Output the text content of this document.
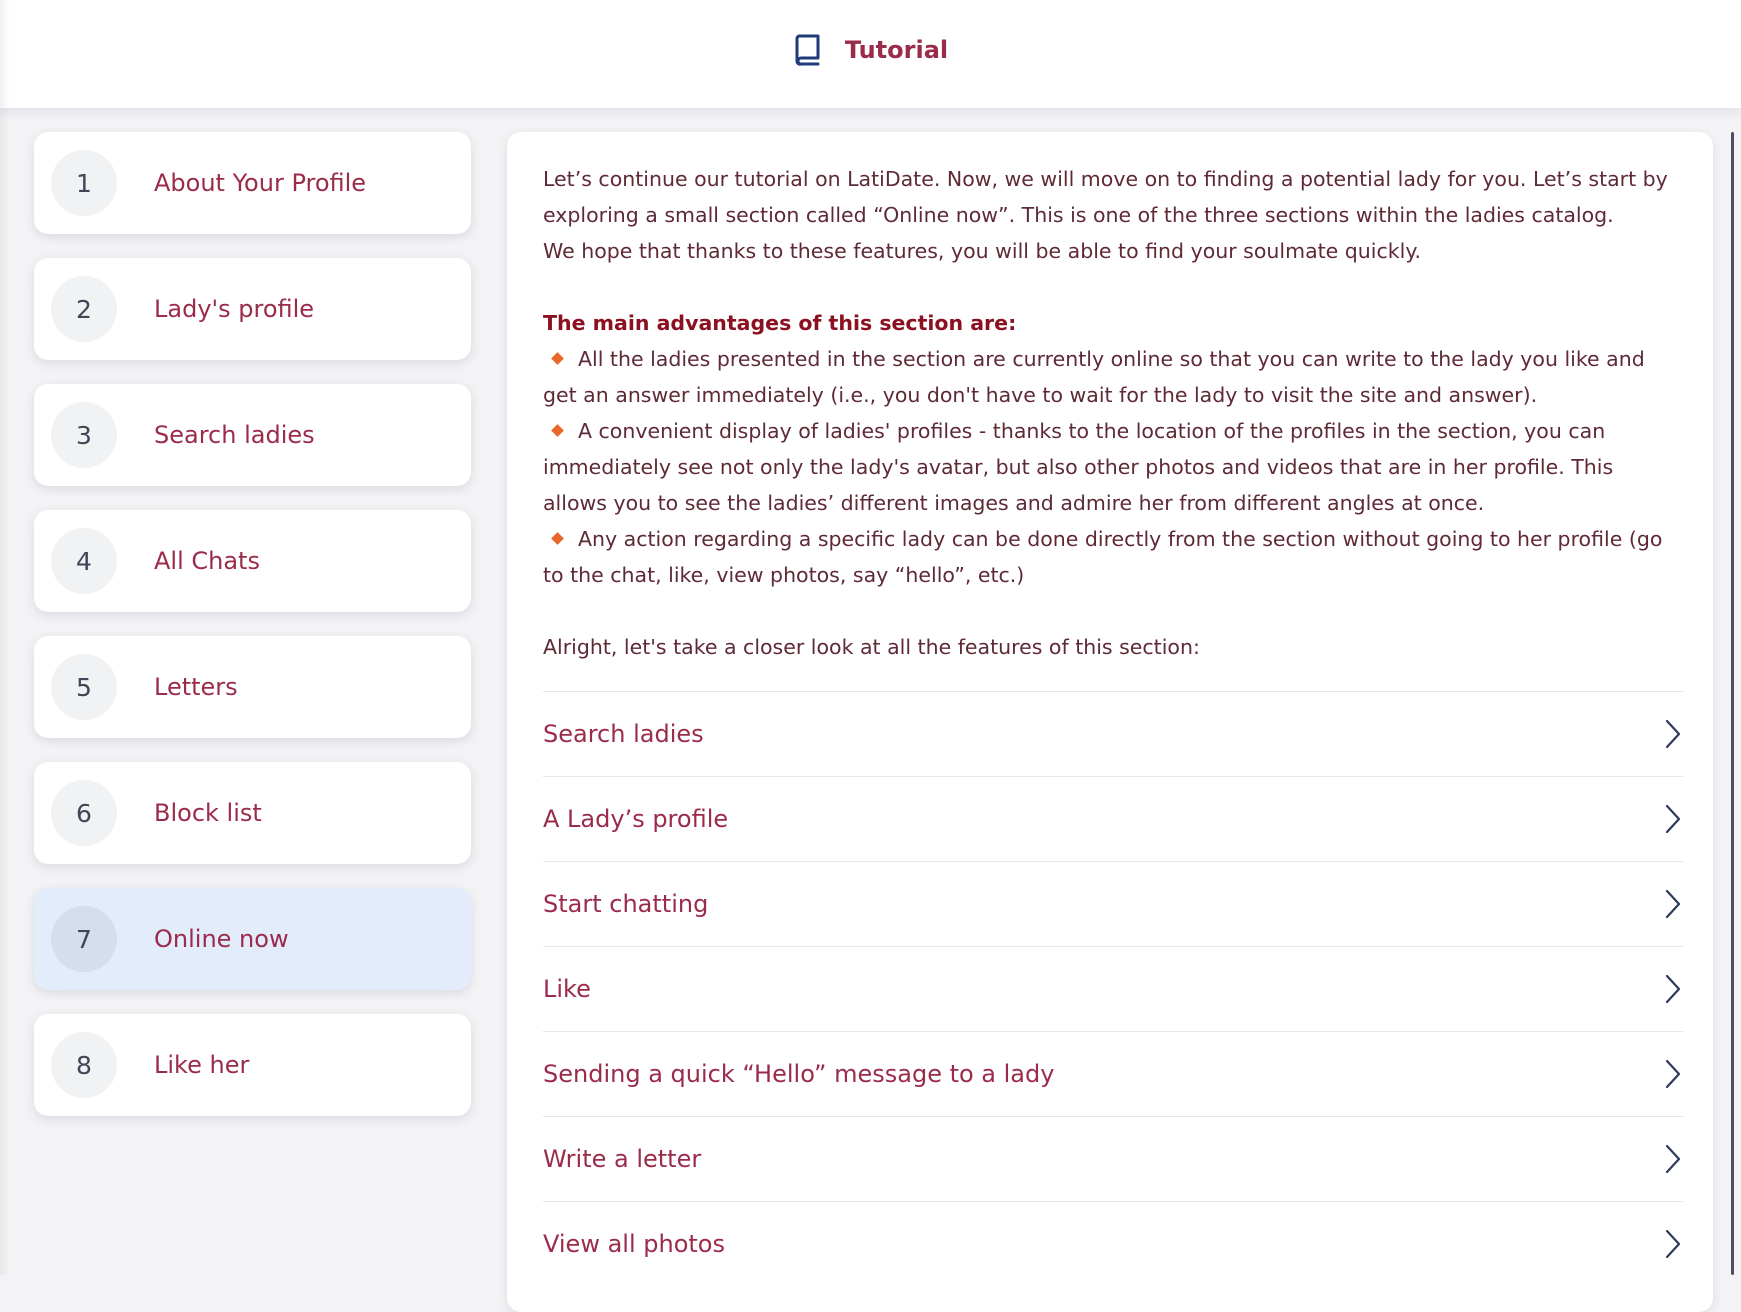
Tutorial
1	About Your Profile
2	Lady's profile
3	Search ladies
4	All Chats
5	Letters
6	Block list
7	Online now
8	Like her

Let’s continue our tutorial on LatiDate. Now, we will move on to finding a potential lady for you. Let’s start by exploring a small section called “Online now”. This is one of the three sections within the ladies catalog.

We hope that thanks to these features, you will be able to find your soulmate quickly.

The main advantages of this section are:

All the ladies presented in the section are currently online so that you can write to the lady you like and get an answer immediately (i.e., you don't have to wait for the lady to visit the site and answer).

A convenient display of ladies' profiles - thanks to the location of the profiles in the section, you can immediately see not only the lady's avatar, but also other photos and videos that are in her profile. This allows you to see the ladies’ different images and admire her from different angles at once.

Any action regarding a specific lady can be done directly from the section without going to her profile (go to the chat, like, view photos, say “hello”, etc.)

Alright, let's take a closer look at all the features of this section:

Search ladies
A Lady’s profile
Start chatting
Like
Sending a quick “Hello” message to a lady
Write a letter
View all photos
